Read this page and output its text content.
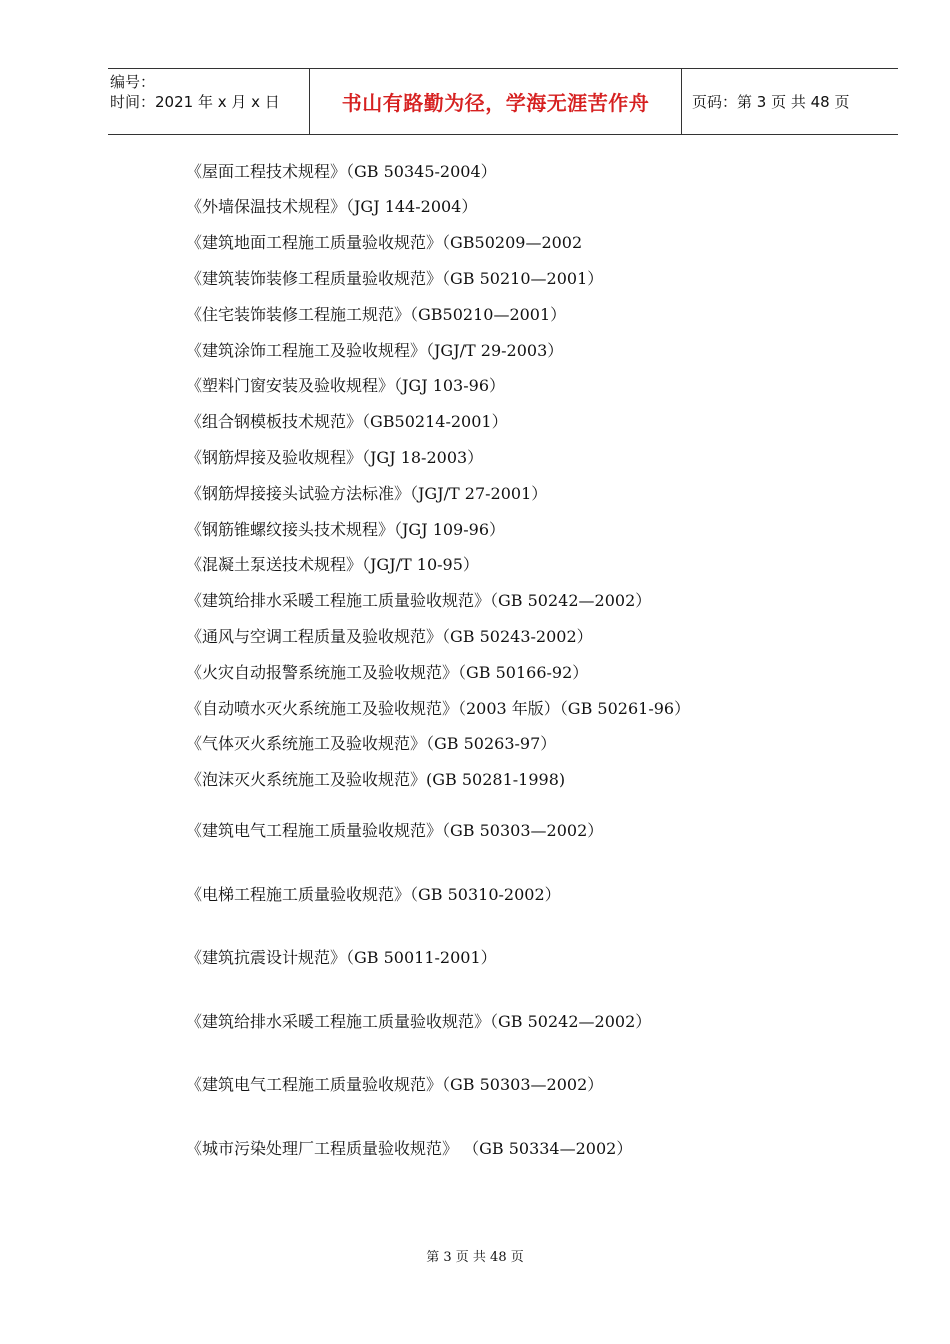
编号：
时间：2021 年 x 月 x 日	书山有路勤为径，学海无涯苦作舟	页码：第 3 页 共 48 页
《屋面工程技术规程》（GB 50345-2004）
《外墙保温技术规程》（JGJ 144-2004）
《建筑地面工程施工质量验收规范》（GB50209—2002
《建筑装饰装修工程质量验收规范》（GB 50210—2001）
《住宅装饰装修工程施工规范》（GB50210—2001）
《建筑涂饰工程施工及验收规程》（JGJ/T 29-2003）
《塑料门窗安装及验收规程》（JGJ 103-96）
《组合钢模板技术规范》（GB50214-2001）
《钢筋焊接及验收规程》（JGJ 18-2003）
《钢筋焊接接头试验方法标准》（JGJ/T 27-2001）
《钢筋锥螺纹接头技术规程》（JGJ 109-96）
《混凝土泵送技术规程》（JGJ/T 10-95）
《建筑给排水采暖工程施工质量验收规范》（GB 50242—2002）
《通风与空调工程质量及验收规范》（GB 50243-2002）
《火灾自动报警系统施工及验收规范》（GB 50166-92）
《自动喷水灭火系统施工及验收规范》（2003 年版）（GB 50261-96）
《气体灭火系统施工及验收规范》（GB 50263-97）
《泡沫灭火系统施工及验收规范》(GB 50281-1998)
《建筑电气工程施工质量验收规范》（GB 50303—2002）
《电梯工程施工质量验收规范》（GB 50310-2002）
《建筑抗震设计规范》（GB 50011-2001）
《建筑给排水采暖工程施工质量验收规范》（GB 50242—2002）
《建筑电气工程施工质量验收规范》（GB 50303—2002）
《城市污染处理厂工程质量验收规范》 （GB 50334—2002）
第 3 页 共 48 页
